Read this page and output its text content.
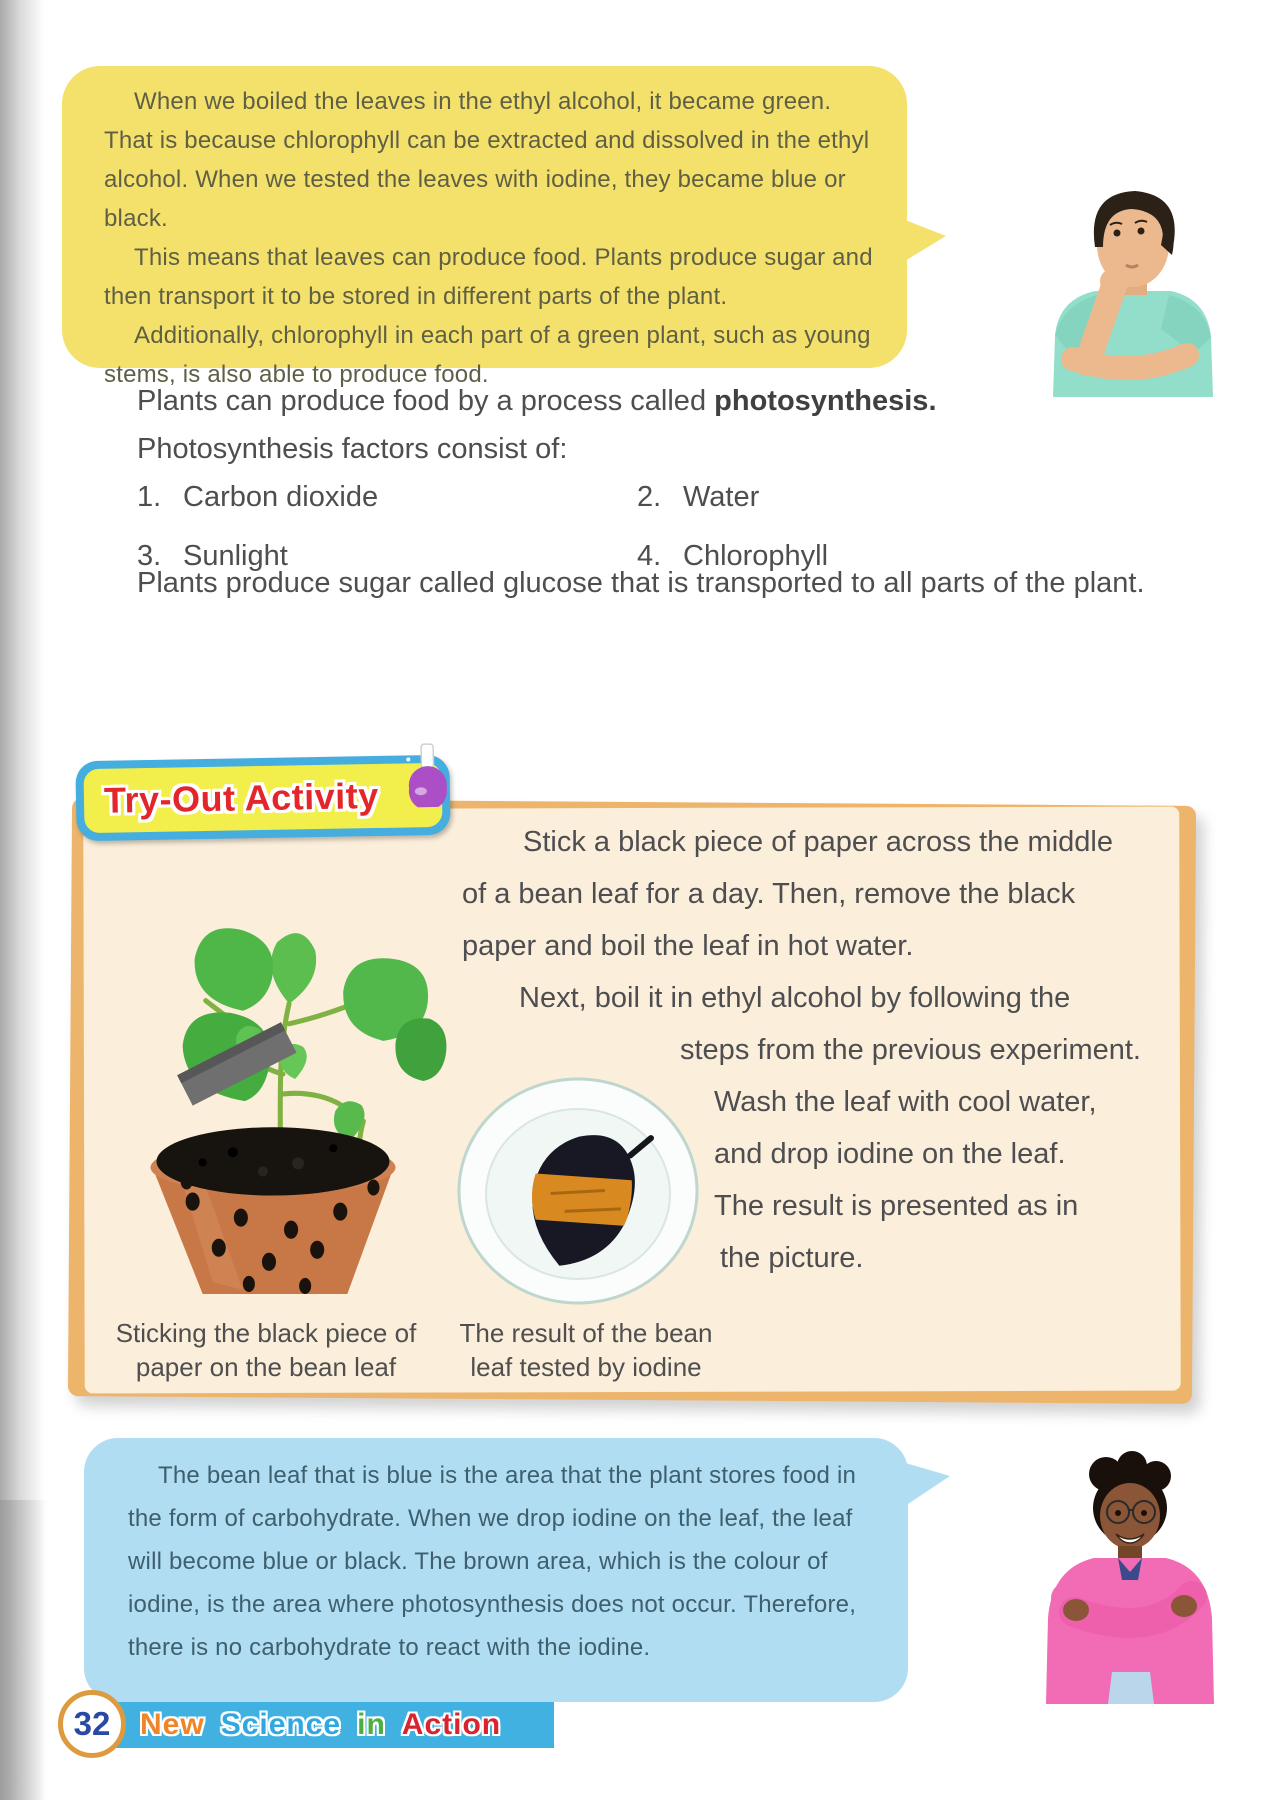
When we boiled the leaves in the ethyl alcohol, it became green. That is because chlorophyll can be extracted and dissolved in the ethyl alcohol. When we tested the leaves with iodine, they became blue or black.

This means that leaves can produce food. Plants produce sugar and then transport it to be stored in different parts of the plant.

Additionally, chlorophyll in each part of a green plant, such as young stems, is also able to produce food.

Plants can produce food by a process called photosynthesis.
Photosynthesis factors consist of:
1. Carbon dioxide	2. Water
3. Sunlight	4. Chlorophyll
Plants produce sugar called glucose that is transported to all parts of the plant.
Try-Out Activity
Stick a black piece of paper across the middle
of a bean leaf for a day. Then, remove the black
paper and boil the leaf in hot water.
Next, boil it in ethyl alcohol by following the
steps from the previous experiment.
Wash the leaf with cool water,
and drop iodine on the leaf.
The result is presented as in
the picture.
Sticking the black piece of
paper on the bean leaf
The result of the bean
leaf tested by iodine

The bean leaf that is blue is the area that the plant stores food in the form of carbohydrate. When we drop iodine on the leaf, the leaf will become blue or black. The brown area, which is the colour of iodine, is the area where photosynthesis does not occur. Therefore, there is no carbohydrate to react with the iodine.

New Science in Action
32
